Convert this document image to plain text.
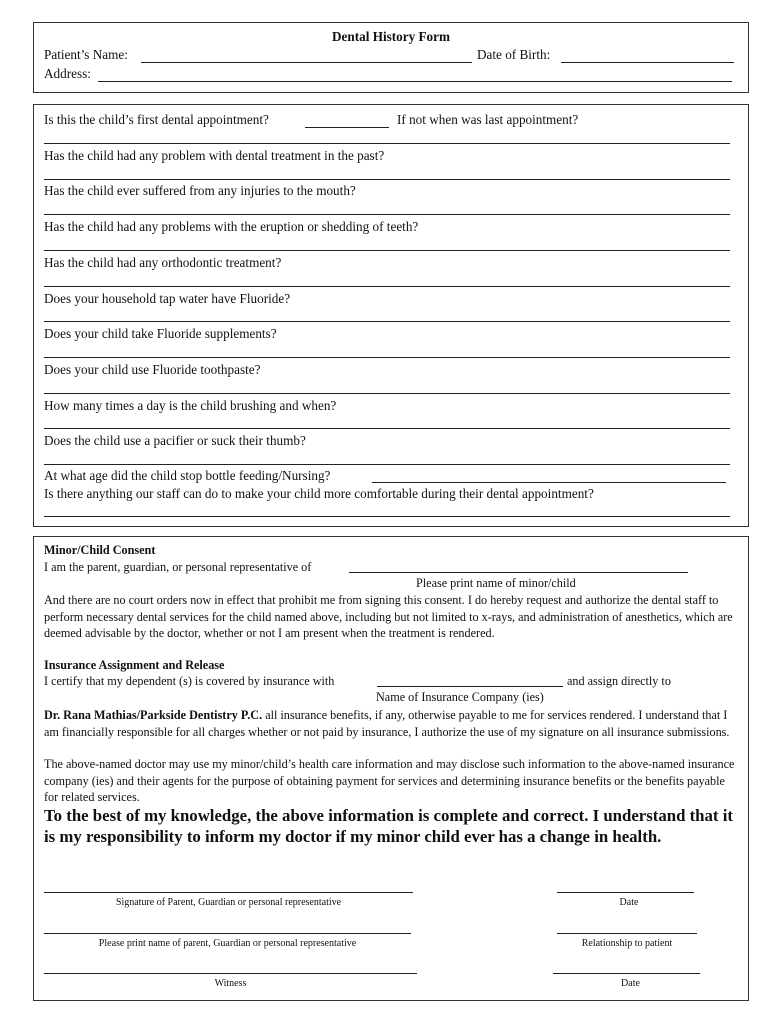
Dental History Form
Patient’s Name:	Date of Birth:
Address:
Is this the child’s first dental appointment?	If not when was last appointment?
Has the child had any problem with dental treatment in the past?
Has the child ever suffered from any injuries to the mouth?
Has the child had any problems with the eruption or shedding of teeth?
Has the child had any orthodontic treatment?
Does your household tap water have Fluoride?
Does your child take Fluoride supplements?
Does your child use Fluoride toothpaste?
How many times a day is the child brushing and when?
Does the child use a pacifier or suck their thumb?
At what age did the child stop bottle feeding/Nursing?
Is there anything our staff can do to make your child more comfortable during their dental appointment?
Minor/Child Consent
I am the parent, guardian, or personal representative of
Please print name of minor/child
And there are no court orders now in effect that prohibit me from signing this consent. I do hereby request and authorize the dental staff to perform necessary dental services for the child named above, including but not limited to x-rays, and administration of anesthetics, which are deemed advisable by the doctor, whether or not I am present when the treatment is rendered.
Insurance Assignment and Release
I certify that my dependent (s) is covered by insurance with	and assign directly to
Name of Insurance Company (ies)
Dr. Rana Mathias/Parkside Dentistry P.C. all insurance benefits, if any, otherwise payable to me for services rendered. I understand that I am financially responsible for all charges whether or not paid by insurance, I authorize the use of my signature on all insurance submissions.
The above-named doctor may use my minor/child’s health care information and may disclose such information to the above-named insurance company (ies) and their agents for the purpose of obtaining payment for services and determining insurance benefits or the benefits payable for related services.
To the best of my knowledge, the above information is complete and correct. I understand that it is my responsibility to inform my doctor if my minor child ever has a change in health.
Signature of Parent, Guardian or personal representative	Date
Please print name of parent, Guardian or personal representative	Relationship to patient
Witness	Date
